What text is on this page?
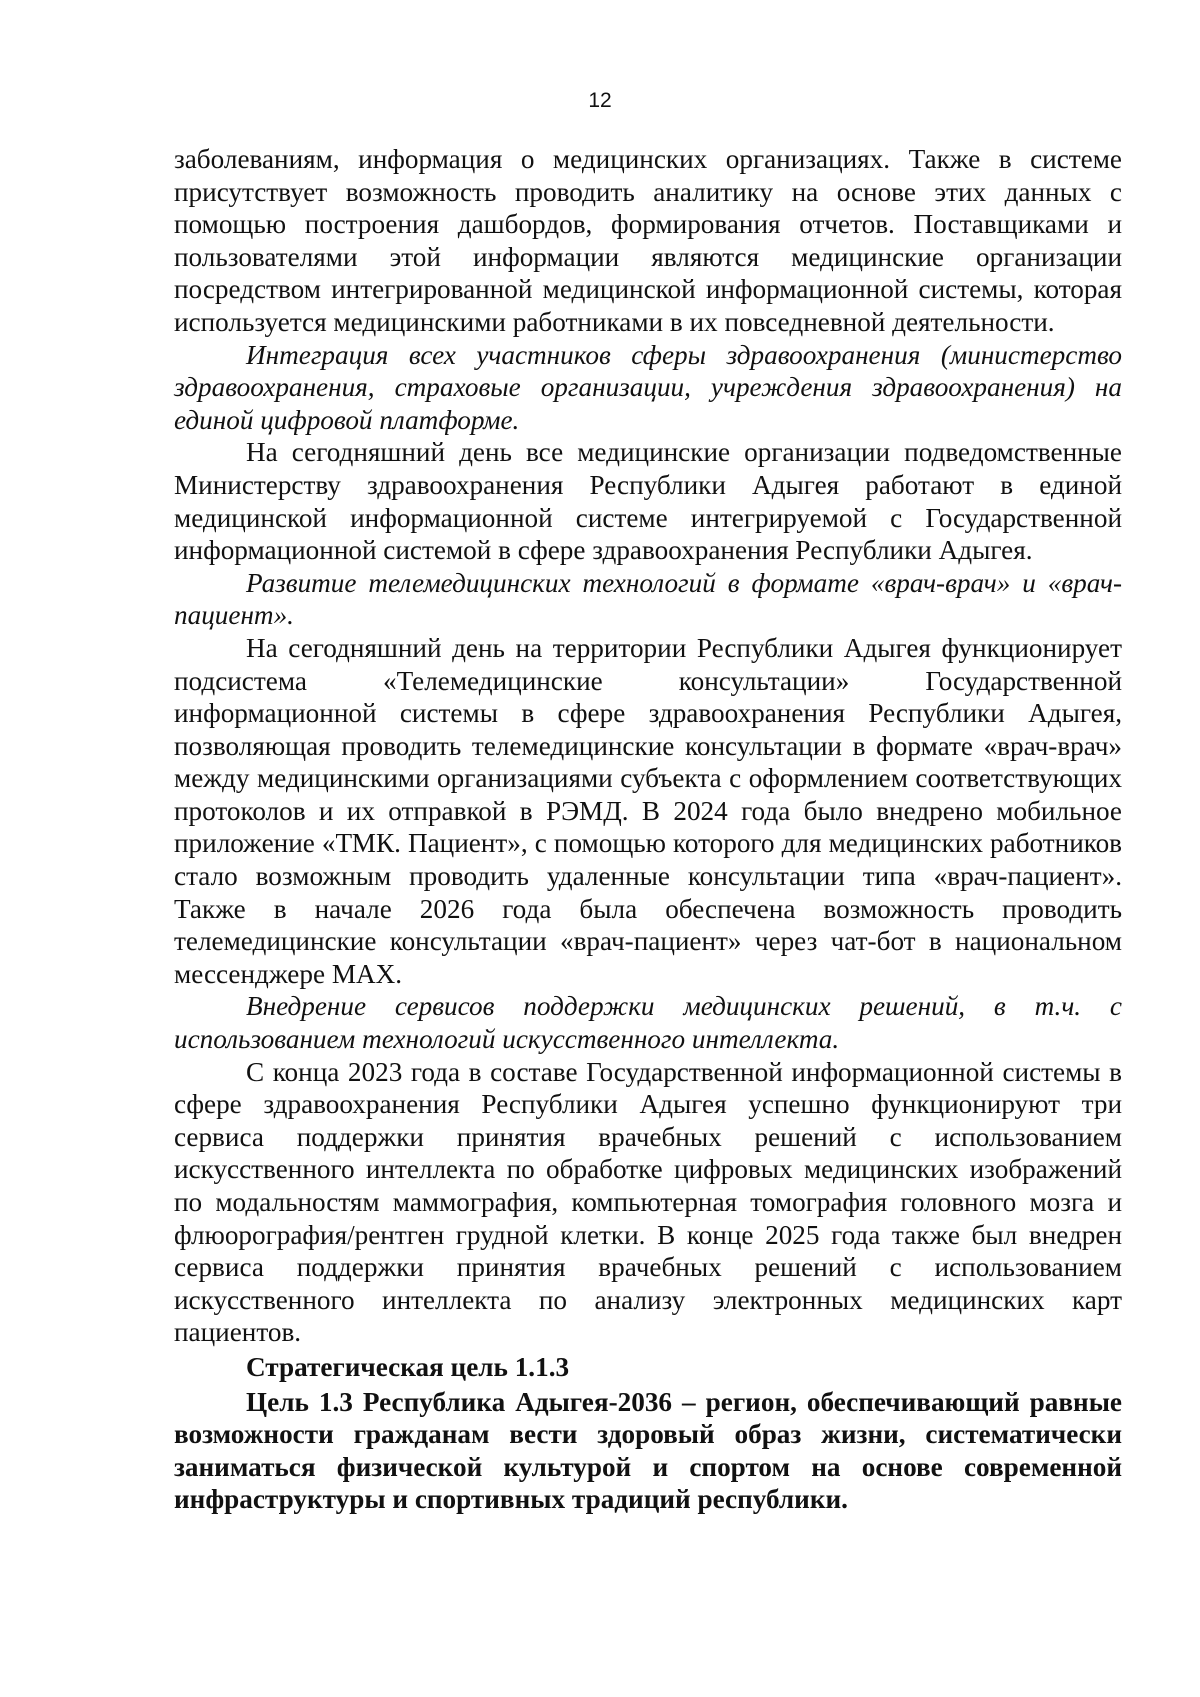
12

заболеваниям, информация о медицинских организациях. Также в системе присутствует возможность проводить аналитику на основе этих данных с помощью построения дашбордов, формирования отчетов. Поставщиками и пользователями этой информации являются медицинские организации посредством интегрированной медицинской информационной системы, которая используется медицинскими работниками в их повседневной деятельности.

Интеграция всех участников сферы здравоохранения (министерство здравоохранения, страховые организации, учреждения здравоохранения) на единой цифровой платформе.

На сегодняшний день все медицинские организации подведомственные Министерству здравоохранения Республики Адыгея работают в единой медицинской информационной системе интегрируемой с Государственной информационной системой в сфере здравоохранения Республики Адыгея.

Развитие телемедицинских технологий в формате «врач-врач» и «врач-пациент».

На сегодняшний день на территории Республики Адыгея функционирует подсистема «Телемедицинские консультации» Государственной информационной системы в сфере здравоохранения Республики Адыгея, позволяющая проводить телемедицинские консультации в формате «врач-врач» между медицинскими организациями субъекта с оформлением соответствующих протоколов и их отправкой в РЭМД. В 2024 года было внедрено мобильное приложение «ТМК. Пациент», с помощью которого для медицинских работников стало возможным проводить удаленные консультации типа «врач-пациент». Также в начале 2026 года была обеспечена возможность проводить телемедицинские консультации «врач-пациент» через чат-бот в национальном мессенджере MAX.

Внедрение сервисов поддержки медицинских решений, в т.ч. с использованием технологий искусственного интеллекта.

С конца 2023 года в составе Государственной информационной системы в сфере здравоохранения Республики Адыгея успешно функционируют три сервиса поддержки принятия врачебных решений с использованием искусственного интеллекта по обработке цифровых медицинских изображений по модальностям маммография, компьютерная томография головного мозга и флюорография/рентген грудной клетки. В конце 2025 года также был внедрен сервиса поддержки принятия врачебных решений с использованием искусственного интеллекта по анализу электронных медицинских карт пациентов.

Стратегическая цель 1.1.3

Цель 1.3 Республика Адыгея-2036 – регион, обеспечивающий равные возможности гражданам вести здоровый образ жизни, систематически заниматься физической культурой и спортом на основе современной инфраструктуры и спортивных традиций республики.
